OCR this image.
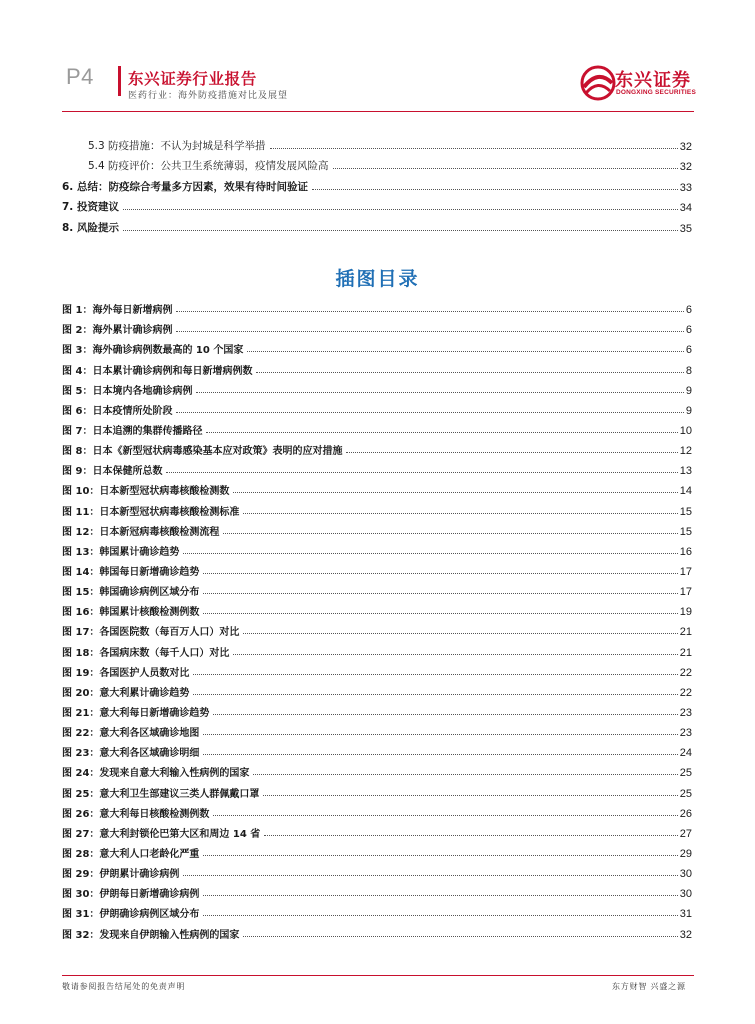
P4 东兴证券行业报告
医药行业：海外防疫措施对比及展望
东兴证券
DONGXING SECURITIES
5.3 防疫措施：不认为封城是科学举措	32
5.4 防疫评价：公共卫生系统薄弱，疫情发展风险高	32
6. 总结：防疫综合考量多方因素，效果有待时间验证	33
7. 投资建议	34
8. 风险提示	35
插图目录
图 1：海外每日新增病例	6
图 2：海外累计确诊病例	6
图 3：海外确诊病例数最高的 10 个国家	6
图 4：日本累计确诊病例和每日新增病例数	8
图 5：日本境内各地确诊病例	9
图 6：日本疫情所处阶段	9
图 7：日本追溯的集群传播路径	10
图 8：日本《新型冠状病毒感染基本应对政策》表明的应对措施	12
图 9：日本保健所总数	13
图 10：日本新型冠状病毒核酸检测数	14
图 11：日本新型冠状病毒核酸检测标准	15
图 12：日本新冠病毒核酸检测流程	15
图 13：韩国累计确诊趋势	16
图 14：韩国每日新增确诊趋势	17
图 15：韩国确诊病例区域分布	17
图 16：韩国累计核酸检测例数	19
图 17：各国医院数（每百万人口）对比	21
图 18：各国病床数（每千人口）对比	21
图 19：各国医护人员数对比	22
图 20：意大利累计确诊趋势	22
图 21：意大利每日新增确诊趋势	23
图 22：意大利各区域确诊地图	23
图 23：意大利各区域确诊明细	24
图 24：发现来自意大利输入性病例的国家	25
图 25：意大利卫生部建议三类人群佩戴口罩	25
图 26：意大利每日核酸检测例数	26
图 27：意大利封锁伦巴第大区和周边 14 省	27
图 28：意大利人口老龄化严重	29
图 29：伊朗累计确诊病例	30
图 30：伊朗每日新增确诊病例	30
图 31：伊朗确诊病例区域分布	31
图 32：发现来自伊朗输入性病例的国家	32
敬请参阅报告结尾处的免责声明	东方财智 兴盛之源
